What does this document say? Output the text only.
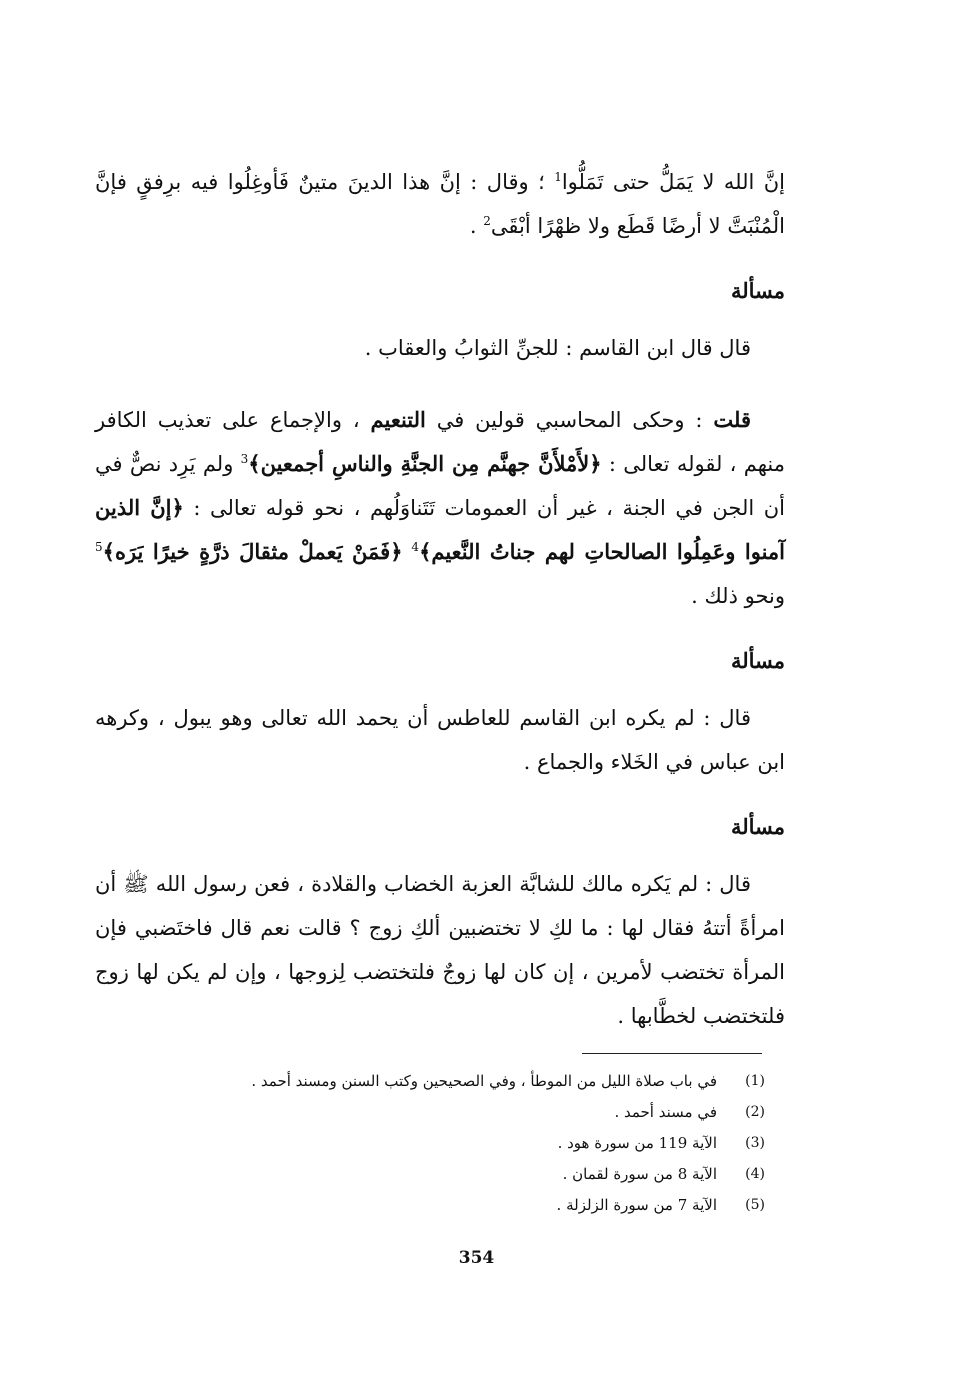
إنَّ الله لا يَمَلُّ حتى تَمَلُّوا$^1$ ؛ وقال : إنَّ هذا الدينَ متينٌ فَأوغِلُوا فيه برِفقٍ فإنَّ الْمُنْبَتَّ لا أرضًا قَطَع ولا ظهْرًا أبْقَى$^2$ .
مسألة
قال قال ابن القاسم : للجنِّ الثوابُ والعقاب .
قلت : وحكى المحاسبي قولين في التنعيم ، والإجماع على تعذيب الكافر منهم ، لقوله تعالى : ﴿لأَمْلأَنَّ جهنَّم مِن الجنَّةِ والناسِ أجمعين﴾$^3$ ولم يَرِد نصٌّ في أن الجن في الجنة ، غير أن العمومات تَتَناوَلُهم ، نحو قوله تعالى : ﴿إنَّ الذين آمنوا وعَمِلُوا الصالحاتِ لهم جناتُ النَّعيم﴾$^4$ ﴿فَمَنْ يَعملْ مثقالَ ذرَّةٍ خيرًا يَرَه﴾$^5$ ونحو ذلك .
مسألة
قال : لم يكره ابن القاسم للعاطس أن يحمد الله تعالى وهو يبول ، وكرهه ابن عباس في الخَلاء والجماع .
مسألة
قال : لم يَكره مالك للشابَّة العزبة الخضاب والقلادة ، فعن رسول الله ﷺ أن امرأةً أتتهُ فقال لها : ما لكِ لا تختضبين ألكِ زوج ؟ قالت نعم قال فاختَضبي فإن المرأة تختضب لأمرين ، إن كان لها زوجٌ فلتختضب لِزوجها ، وإن لم يكن لها زوج فلتختضب لخطَّابها .
(1)
في باب صلاة الليل من الموطأ ، وفي الصحيحين وكتب السنن ومسند أحمد .
(2)
في مسند أحمد .
(3)
الآية 119 من سورة هود .
(4)
الآية 8 من سورة لقمان .
(5)
الآية 7 من سورة الزلزلة .
354
